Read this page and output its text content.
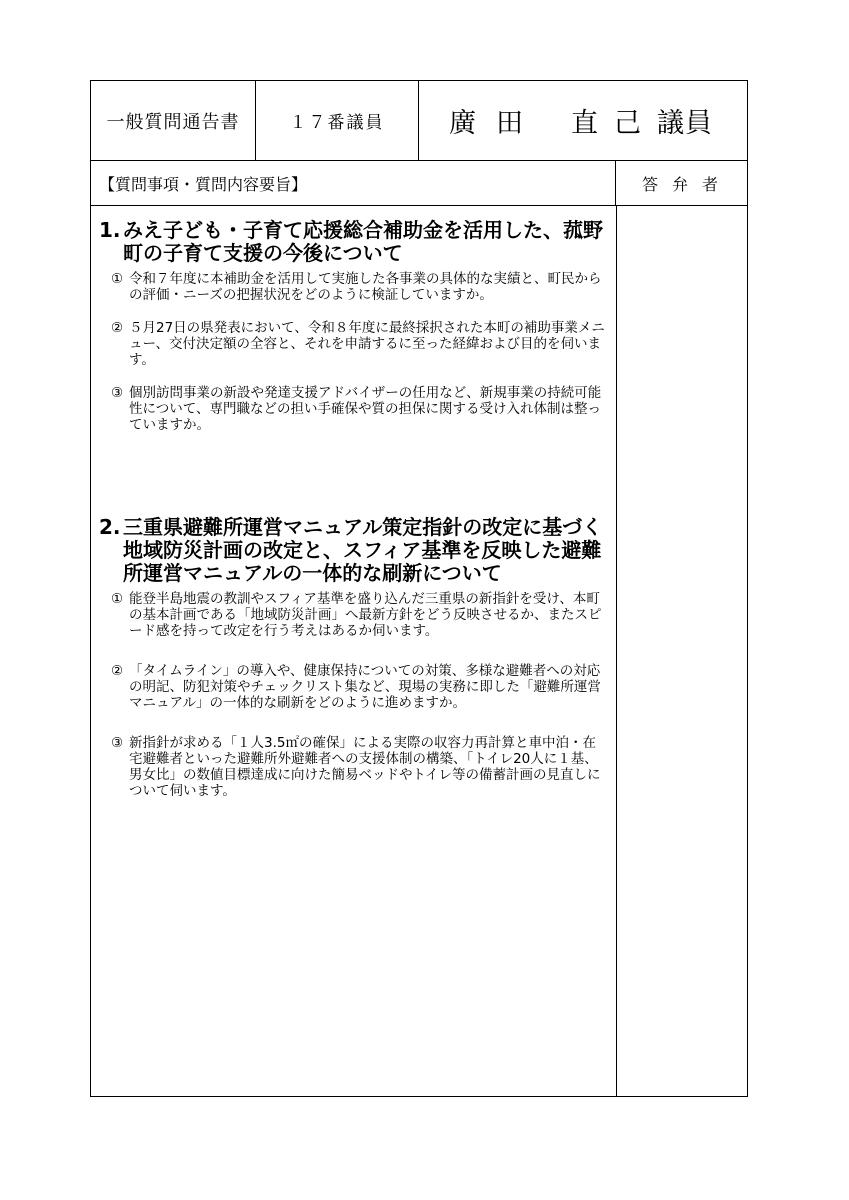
一般質問通告書	１７番議員	廣田 直己 議員
【質問事項・質問内容要旨】	答弁者
1. みえ子ども・子育て応援総合補助金を活用した、菰野町の子育て支援の今後について
① 令和７年度に本補助金を活用して実施した各事業の具体的な実績と、町民からの評価・ニーズの把握状況をどのように検証していますか。
② ５月27日の県発表において、令和８年度に最終採択された本町の補助事業メニュー、交付決定額の全容と、それを申請するに至った経緯および目的を伺います。
③ 個別訪問事業の新設や発達支援アドバイザーの任用など、新規事業の持続可能性について、専門職などの担い手確保や質の担保に関する受け入れ体制は整っていますか。
2. 三重県避難所運営マニュアル策定指針の改定に基づく地域防災計画の改定と、スフィア基準を反映した避難所運営マニュアルの一体的な刷新について
① 能登半島地震の教訓やスフィア基準を盛り込んだ三重県の新指針を受け、本町の基本計画である「地域防災計画」へ最新方針をどう反映させるか、またスピード感を持って改定を行う考えはあるか伺います。
② 「タイムライン」の導入や、健康保持についての対策、多様な避難者への対応の明記、防犯対策やチェックリスト集など、現場の実務に即した「避難所運営マニュアル」の一体的な刷新をどのように進めますか。
③ 新指針が求める「１人3.5㎡の確保」による実際の収容力再計算と車中泊・在宅避難者といった避難所外避難者への支援体制の構築、「トイレ20人に１基、男女比」の数値目標達成に向けた簡易ベッドやトイレ等の備蓄計画の見直しについて伺います。
